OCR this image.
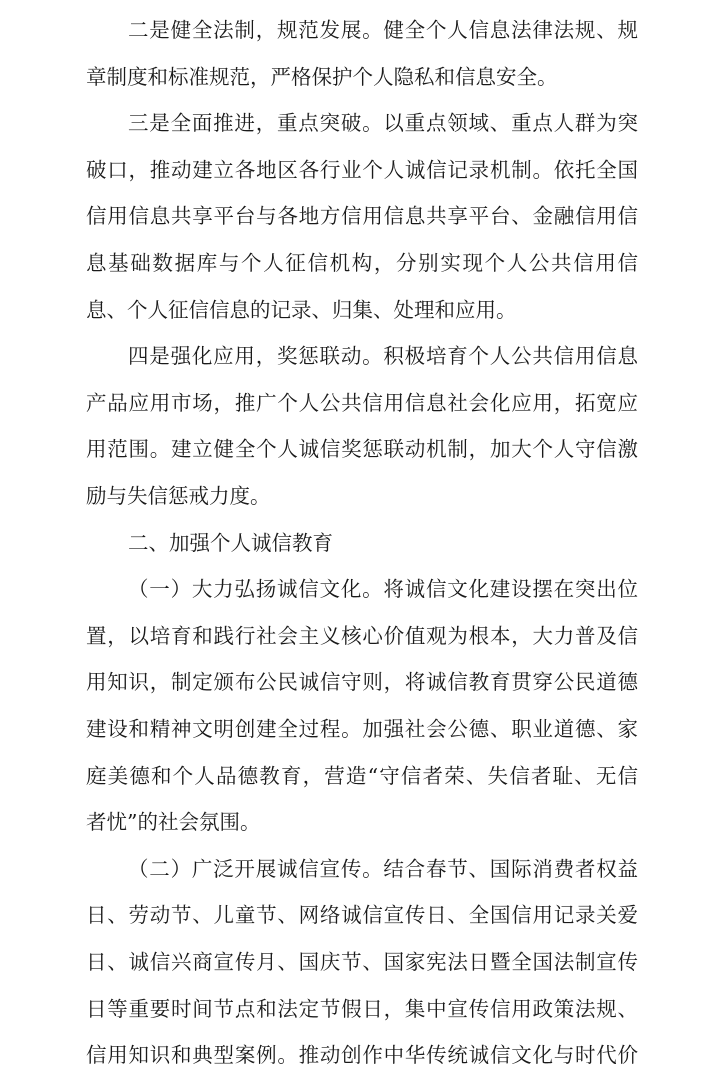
二是健全法制，规范发展。健全个人信息法律法规、规
章制度和标准规范，严格保护个人隐私和信息安全。
三是全面推进，重点突破。以重点领域、重点人群为突
破口，推动建立各地区各行业个人诚信记录机制。依托全国
信用信息共享平台与各地方信用信息共享平台、金融信用信
息基础数据库与个人征信机构，分别实现个人公共信用信
息、个人征信信息的记录、归集、处理和应用。
四是强化应用，奖惩联动。积极培育个人公共信用信息
产品应用市场，推广个人公共信用信息社会化应用，拓宽应
用范围。建立健全个人诚信奖惩联动机制，加大个人守信激
励与失信惩戒力度。
二、加强个人诚信教育
（一）大力弘扬诚信文化。将诚信文化建设摆在突出位
置，以培育和践行社会主义核心价值观为根本，大力普及信
用知识，制定颁布公民诚信守则，将诚信教育贯穿公民道德
建设和精神文明创建全过程。加强社会公德、职业道德、家
庭美德和个人品德教育，营造“守信者荣、失信者耻、无信
者忧”的社会氛围。
（二）广泛开展诚信宣传。结合春节、国际消费者权益
日、劳动节、儿童节、网络诚信宣传日、全国信用记录关爱
日、诚信兴商宣传月、国庆节、国家宪法日暨全国法制宣传
日等重要时间节点和法定节假日，集中宣传信用政策法规、
信用知识和典型案例。推动创作中华传统诚信文化与时代价
